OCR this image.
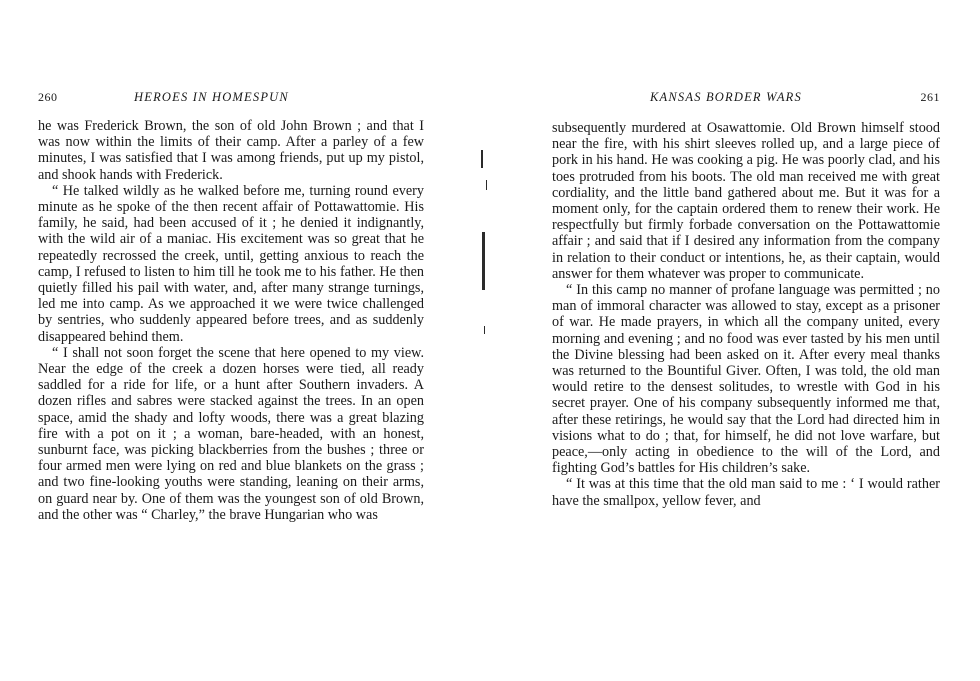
260	HEROES IN HOMESPUN

he was Frederick Brown, the son of old John Brown ; and that I was now within the limits of their camp. After a parley of a few minutes, I was satisfied that I was among friends, put up my pistol, and shook hands with Frederick.

“ He talked wildly as he walked before me, turning round every minute as he spoke of the then recent affair of Pottawattomie. His family, he said, had been accused of it ; he denied it indignantly, with the wild air of a maniac. His excitement was so great that he repeatedly recrossed the creek, until, getting anxious to reach the camp, I refused to listen to him till he took me to his father. He then quietly filled his pail with water, and, after many strange turnings, led me into camp. As we approached it we were twice challenged by sentries, who suddenly appeared before trees, and as suddenly disappeared behind them.

“ I shall not soon forget the scene that here opened to my view. Near the edge of the creek a dozen horses were tied, all ready saddled for a ride for life, or a hunt after Southern invaders. A dozen rifles and sabres were stacked against the trees. In an open space, amid the shady and lofty woods, there was a great blazing fire with a pot on it ; a woman, bare-headed, with an honest, sunburnt face, was picking blackberries from the bushes ; three or four armed men were lying on red and blue blankets on the grass ; and two fine-looking youths were standing, leaning on their arms, on guard near by. One of them was the youngest son of old Brown, and the other was “ Charley,” the brave Hungarian who was

KANSAS BORDER WARS	261

subsequently murdered at Osawattomie. Old Brown himself stood near the fire, with his shirt sleeves rolled up, and a large piece of pork in his hand. He was cooking a pig. He was poorly clad, and his toes protruded from his boots. The old man received me with great cordiality, and the little band gathered about me. But it was for a moment only, for the captain ordered them to renew their work. He respectfully but firmly forbade conversation on the Pottawattomie affair ; and said that if I desired any information from the company in relation to their conduct or intentions, he, as their captain, would answer for them whatever was proper to communicate.

“ In this camp no manner of profane language was permitted ; no man of immoral character was allowed to stay, except as a prisoner of war. He made prayers, in which all the company united, every morning and evening ; and no food was ever tasted by his men until the Divine blessing had been asked on it. After every meal thanks was returned to the Bountiful Giver. Often, I was told, the old man would retire to the densest solitudes, to wrestle with God in his secret prayer. One of his company subsequently informed me that, after these retirings, he would say that the Lord had directed him in visions what to do ; that, for himself, he did not love warfare, but peace,—only acting in obedience to the will of the Lord, and fighting God’s battles for His children’s sake.

“ It was at this time that the old man said to me : ‘ I would rather have the smallpox, yellow fever, and
